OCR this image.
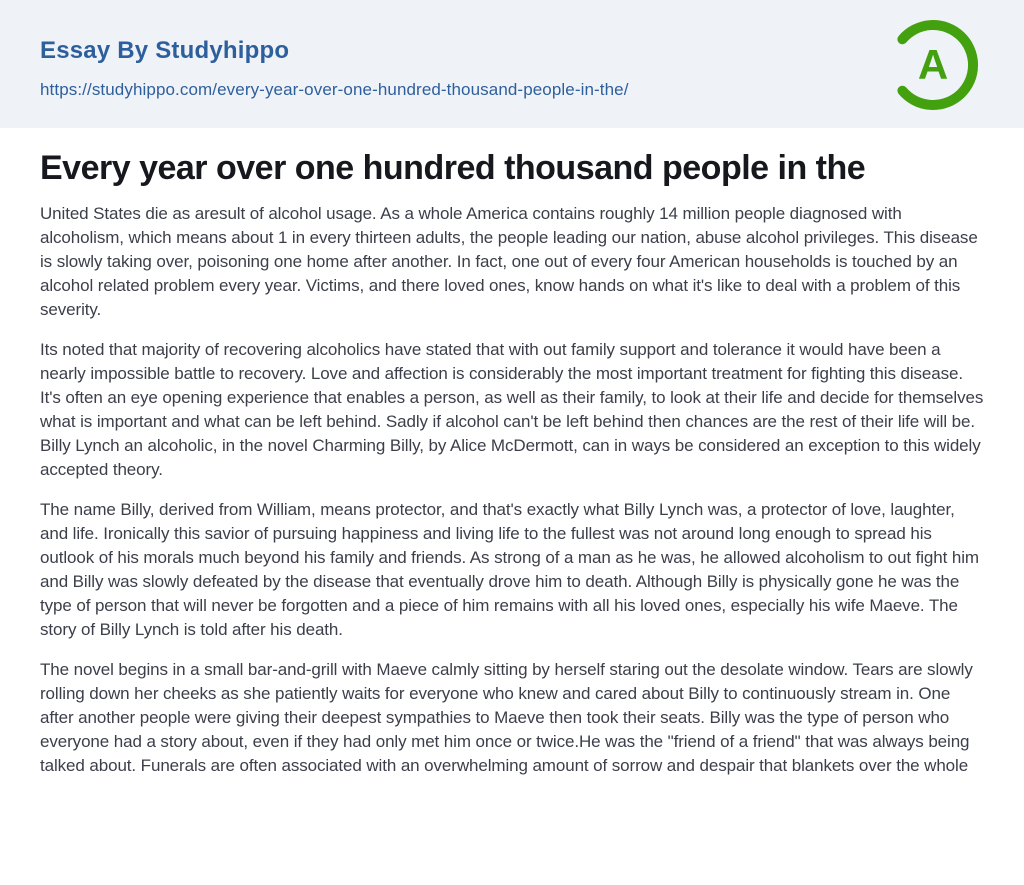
Essay By Studyhippo
https://studyhippo.com/every-year-over-one-hundred-thousand-people-in-the/
A
Every year over one hundred thousand people in the

United States die as aresult of alcohol usage. As a whole America contains roughly 14 million people diagnosed with alcoholism, which means about 1 in every thirteen adults, the people leading our nation, abuse alcohol privileges. This disease is slowly taking over, poisoning one home after another. In fact, one out of every four American households is touched by an alcohol related problem every year. Victims, and there loved ones, know hands on what it's like to deal with a problem of this severity.

Its noted that majority of recovering alcoholics have stated that with out family support and tolerance it would have been a nearly impossible battle to recovery. Love and affection is considerably the most important treatment for fighting this disease. It's often an eye opening experience that enables a person, as well as their family, to look at their life and decide for themselves what is important and what can be left behind. Sadly if alcohol can't be left behind then chances are the rest of their life will be. Billy Lynch an alcoholic, in the novel Charming Billy, by Alice McDermott, can in ways be considered an exception to this widely accepted theory.

The name Billy, derived from William, means protector, and that's exactly what Billy Lynch was, a protector of love, laughter, and life. Ironically this savior of pursuing happiness and living life to the fullest was not around long enough to spread his outlook of his morals much beyond his family and friends. As strong of a man as he was, he allowed alcoholism to out fight him and Billy was slowly defeated by the disease that eventually drove him to death. Although Billy is physically gone he was the type of person that will never be forgotten and a piece of him remains with all his loved ones, especially his wife Maeve. The story of Billy Lynch is told after his death.

The novel begins in a small bar-and-grill with Maeve calmly sitting by herself staring out the desolate window. Tears are slowly rolling down her cheeks as she patiently waits for everyone who knew and cared about Billy to continuously stream in. One after another people were giving their deepest sympathies to Maeve then took their seats. Billy was the type of person who everyone had a story about, even if they had only met him once or twice.He was the "friend of a friend" that was always being talked about. Funerals are often associated with an overwhelming amount of sorrow and despair that blankets over the whole
